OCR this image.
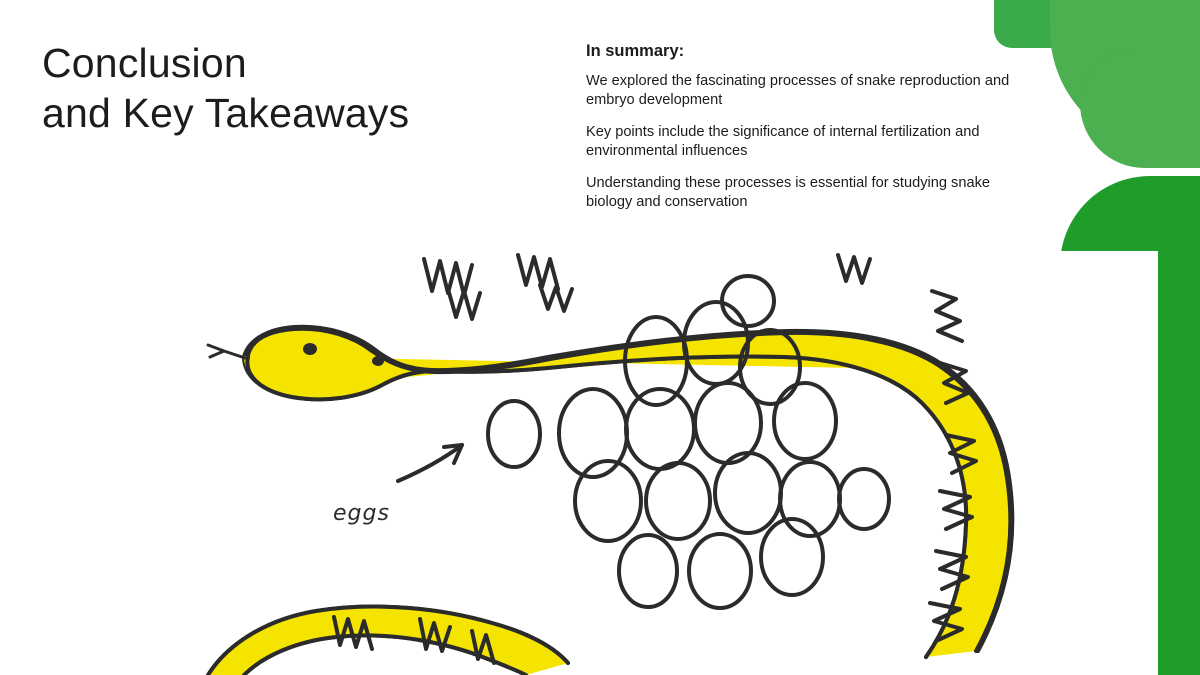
Conclusion
and Key Takeaways
In summary:
We explored the fascinating processes of snake reproduction and embryo development
Key points include the significance of internal fertilization and environmental influences
Understanding these processes is essential for studying snake biology and conservation
eggs
